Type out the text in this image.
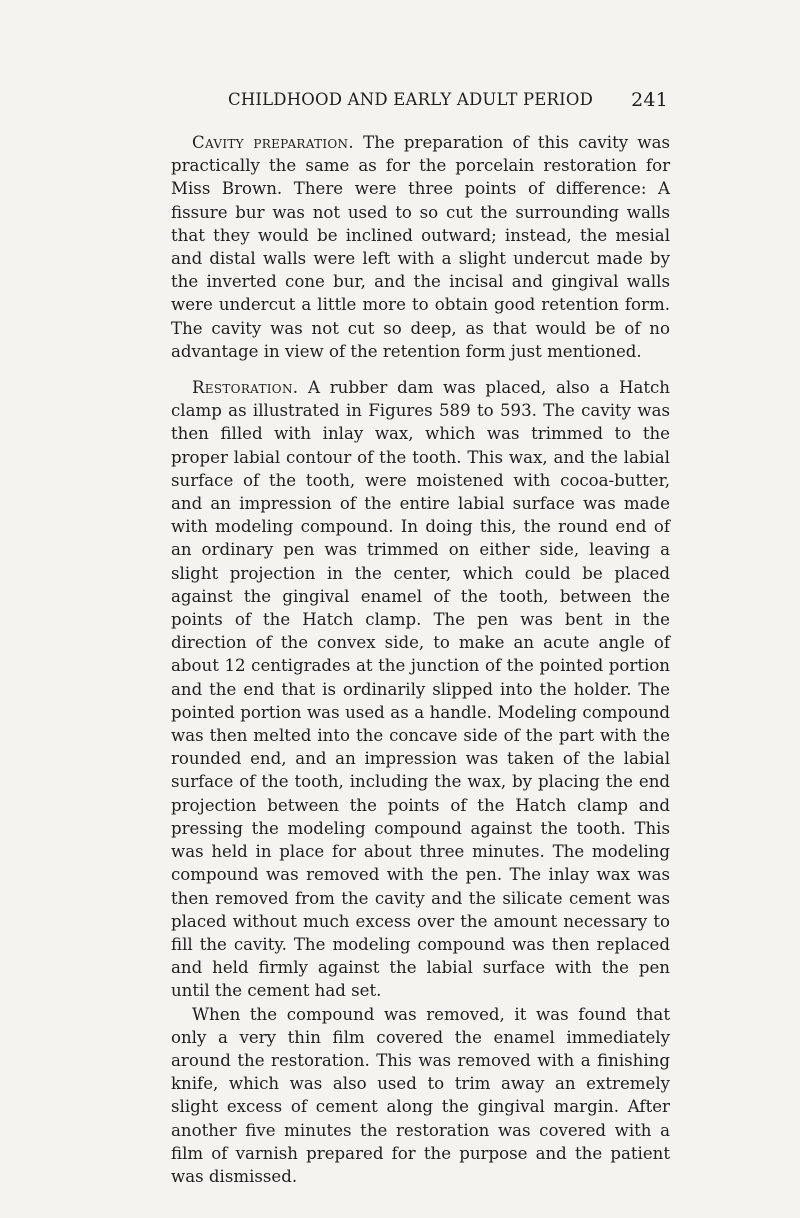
CHILDHOOD AND EARLY ADULT PERIOD 241

Cavity preparation. The preparation of this cavity was practically the same as for the porcelain restoration for Miss Brown. There were three points of difference: A fissure bur was not used to so cut the surrounding walls that they would be inclined outward; instead, the mesial and distal walls were left with a slight undercut made by the inverted cone bur, and the incisal and gingival walls were undercut a little more to obtain good retention form. The cavity was not cut so deep, as that would be of no advantage in view of the retention form just mentioned.

Restoration. A rubber dam was placed, also a Hatch clamp as illustrated in Figures 589 to 593. The cavity was then filled with inlay wax, which was trimmed to the proper labial contour of the tooth. This wax, and the labial surface of the tooth, were moistened with cocoa-butter, and an impression of the entire labial surface was made with modeling compound. In doing this, the round end of an ordinary pen was trimmed on either side, leaving a slight projection in the center, which could be placed against the gingival enamel of the tooth, between the points of the Hatch clamp. The pen was bent in the direction of the convex side, to make an acute angle of about 12 centigrades at the junction of the pointed portion and the end that is ordinarily slipped into the holder. The pointed portion was used as a handle. Modeling compound was then melted into the concave side of the part with the rounded end, and an impression was taken of the labial surface of the tooth, including the wax, by placing the end projection between the points of the Hatch clamp and pressing the modeling compound against the tooth. This was held in place for about three minutes. The modeling compound was removed with the pen. The inlay wax was then removed from the cavity and the silicate cement was placed without much excess over the amount necessary to fill the cavity. The modeling compound was then replaced and held firmly against the labial surface with the pen until the cement had set.

When the compound was removed, it was found that only a very thin film covered the enamel immediately around the restoration. This was removed with a finishing knife, which was also used to trim away an extremely slight excess of cement along the gingival margin. After another five minutes the restoration was covered with a film of varnish prepared for the purpose and the patient was dismissed.
